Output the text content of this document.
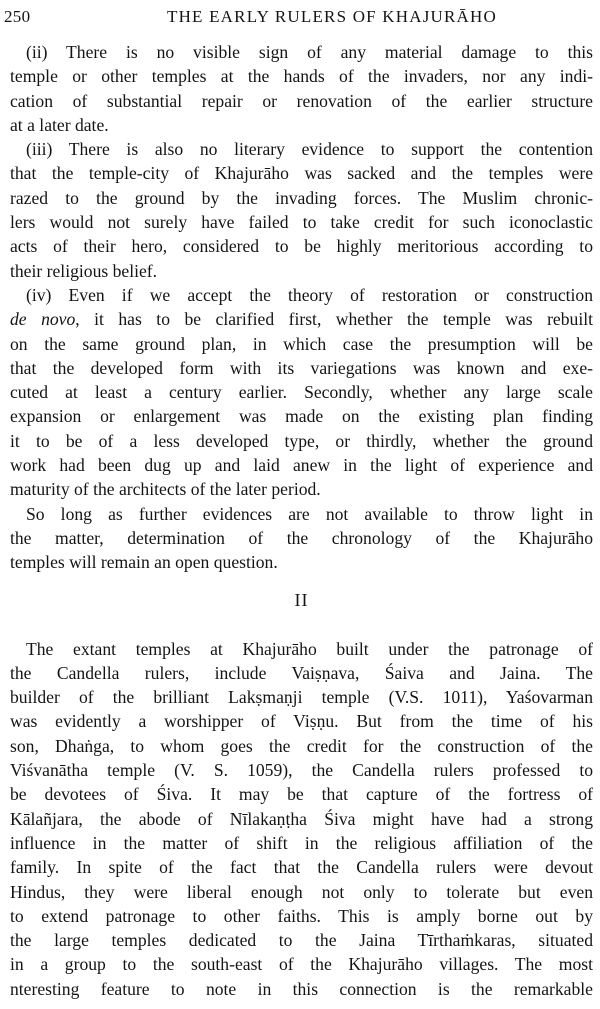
250	THE EARLY RULERS OF KHAJURĀHO
(ii) There is no visible sign of any material damage to this
temple or other temples at the hands of the invaders, nor any indi-
cation of substantial repair or renovation of the earlier structure
at a later date.
(iii) There is also no literary evidence to support the contention
that the temple-city of Khajurāho was sacked and the temples were
razed to the ground by the invading forces. The Muslim chronic-
lers would not surely have failed to take credit for such iconoclastic
acts of their hero, considered to be highly meritorious according to
their religious belief.
(iv) Even if we accept the theory of restoration or construction
de novo, it has to be clarified first, whether the temple was rebuilt
on the same ground plan, in which case the presumption will be
that the developed form with its variegations was known and exe-
cuted at least a century earlier. Secondly, whether any large scale
expansion or enlargement was made on the existing plan finding
it to be of a less developed type, or thirdly, whether the ground
work had been dug up and laid anew in the light of experience and
maturity of the architects of the later period.
So long as further evidences are not available to throw light in
the matter, determination of the chronology of the Khajurāho
temples will remain an open question.
II
The extant temples at Khajurāho built under the patronage of
the Candella rulers, include Vaiṣṇava, Śaiva and Jaina. The
builder of the brilliant Lakṣmaṇji temple (V.S. 1011), Yaśovarman
was evidently a worshipper of Viṣṇu. But from the time of his
son, Dhaṅga, to whom goes the credit for the construction of the
Viśvanātha temple (V. S. 1059), the Candella rulers professed to
be devotees of Śiva. It may be that capture of the fortress of
Kālañjara, the abode of Nīlakaṇṭha Śiva might have had a strong
influence in the matter of shift in the religious affiliation of the
family. In spite of the fact that the Candella rulers were devout
Hindus, they were liberal enough not only to tolerate but even
to extend patronage to other faiths. This is amply borne out by
the large temples dedicated to the Jaina Tīrthaṁkaras, situated
in a group to the south-east of the Khajurāho villages. The most
nteresting feature to note in this connection is the remarkable
